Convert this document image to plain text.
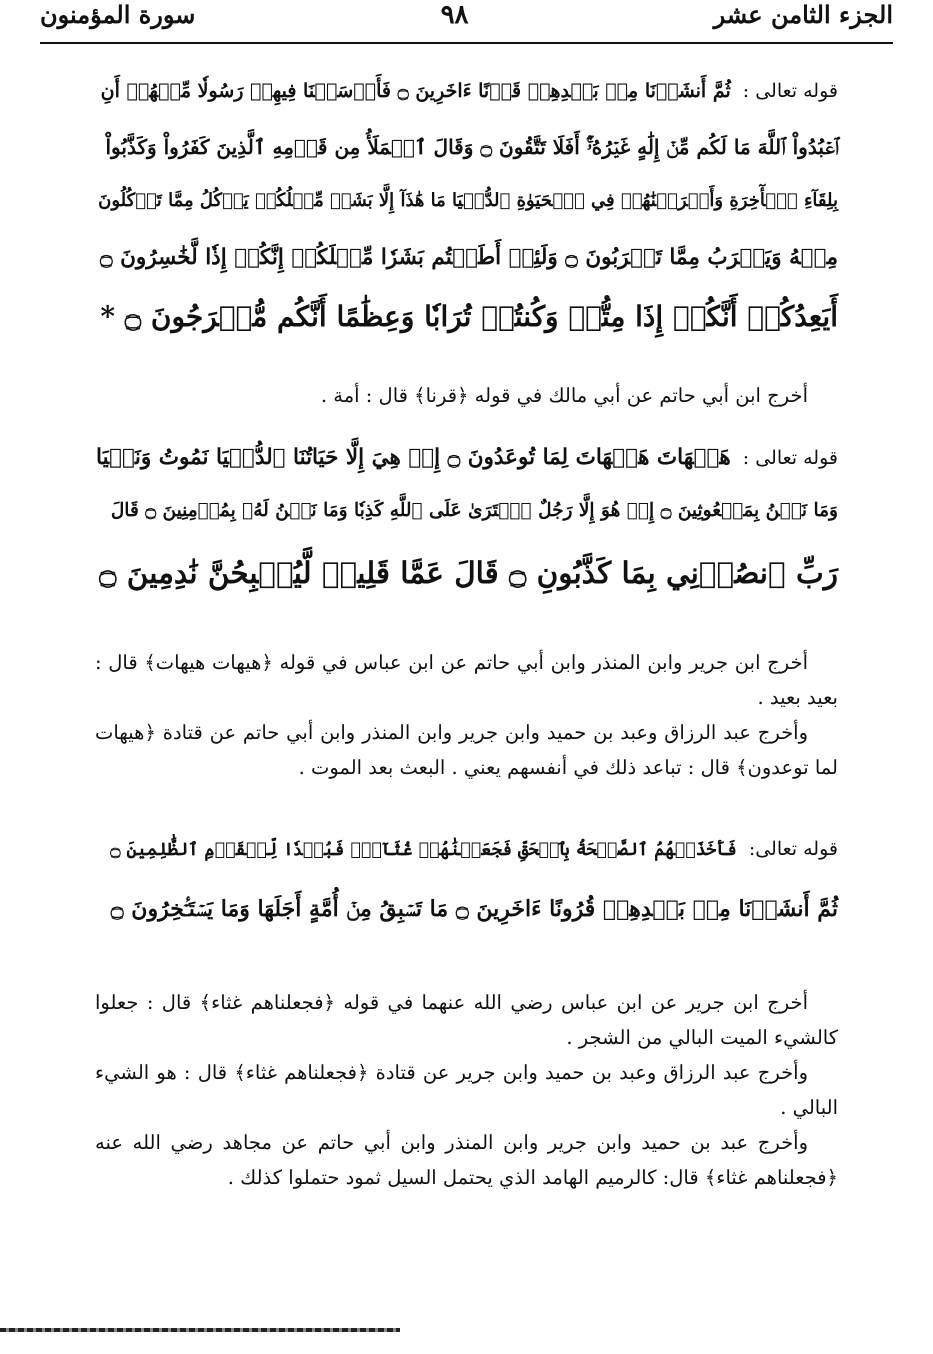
الجزء الثامن عشر
٩٨
سورة المؤمنون
قوله تعالى :
ثُمَّ أَنشَأۡنَا مِنۢ بَعۡدِهِمۡ قَرۡنًا ءَاخَرِينَ ۝ فَأَرۡسَلۡنَا فِيهِمۡ رَسُولٗا مِّنۡهُمۡ أَنِ
ٱعۡبُدُواْ ٱللَّهَ مَا لَكُم مِّنۡ إِلَٰهٍ غَيۡرُهُۥٓۚ أَفَلَا تَتَّقُونَ ۝ وَقَالَ ٱلۡمَلَأُ مِن قَوۡمِهِ ٱلَّذِينَ كَفَرُواْ وَكَذَّبُواْ
بِلِقَآءِ ٱلۡأٓخِرَةِ وَأَتۡرَفۡنَٰهُمۡ فِي ٱلۡحَيَوٰةِ ٱلدُّنۡيَا مَا هَٰذَآ إِلَّا بَشَرٞ مِّثۡلُكُمۡ يَأۡكُلُ مِمَّا تَأۡكُلُونَ
مِنۡهُ وَيَشۡرَبُ مِمَّا تَشۡرَبُونَ ۝ وَلَئِنۡ أَطَعۡتُم بَشَرٗا مِّثۡلَكُمۡ إِنَّكُمۡ إِذٗا لَّخَٰسِرُونَ ۝
أَيَعِدُكُمۡ أَنَّكُمۡ إِذَا مِتُّمۡ وَكُنتُمۡ تُرَابٗا وَعِظَٰمًا أَنَّكُم مُّخۡرَجُونَ ۝ *

أخرج ابن أبي حاتم عن أبي مالك في قوله ﴿قرنا﴾ قال : أمة .

قوله تعالى :
هَيۡهَاتَ هَيۡهَاتَ لِمَا تُوعَدُونَ ۝ إِنۡ هِيَ إِلَّا حَيَاتُنَا ٱلدُّنۡيَا نَمُوتُ وَنَحۡيَا
وَمَا نَحۡنُ بِمَبۡعُوثِينَ ۝ إِنۡ هُوَ إِلَّا رَجُلٌ ٱفۡتَرَىٰ عَلَى ٱللَّهِ كَذِبٗا وَمَا نَحۡنُ لَهُۥ بِمُؤۡمِنِينَ ۝ قَالَ
رَبِّ ٱنصُرۡنِي بِمَا كَذَّبُونِ ۝ قَالَ عَمَّا قَلِيلٖ لَّيُصۡبِحُنَّ نَٰدِمِينَ ۝

أخرج ابن جرير وابن المنذر وابن أبي حاتم عن ابن عباس في قوله ﴿هيهات هيهات﴾ قال : بعيد بعيد .

وأخرج عبد الرزاق وعبد بن حميد وابن جرير وابن المنذر وابن أبي حاتم عن قتادة ﴿هيهات لما توعدون﴾ قال : تباعد ذلك في أنفسهم يعني . البعث بعد الموت .

قوله تعالى:
فَأَخَذَتۡهُمُ ٱلصَّيۡحَةُ بِٱلۡحَقِّ فَجَعَلۡنَٰهُمۡ غُثَآءٗۚ فَبُعۡدٗا لِّلۡقَوۡمِ ٱلظَّٰلِمِينَ ۝
ثُمَّ أَنشَأۡنَا مِنۢ بَعۡدِهِمۡ قُرُونًا ءَاخَرِينَ ۝ مَا تَسۡبِقُ مِنۡ أُمَّةٍ أَجَلَهَا وَمَا يَسۡتَـٔۡخِرُونَ ۝

أخرج ابن جرير عن ابن عباس رضي الله عنهما في قوله ﴿فجعلناهم غثاء﴾ قال : جعلوا كالشيء الميت البالي من الشجر .

وأخرج عبد الرزاق وعبد بن حميد وابن جرير عن قتادة ﴿فجعلناهم غثاء﴾ قال : هو الشيء البالي .

وأخرج عبد بن حميد وابن جرير وابن المنذر وابن أبي حاتم عن مجاهد رضي الله عنه ﴿فجعلناهم غثاء﴾ قال: كالرميم الهامد الذي يحتمل السيل ثمود حتملوا كذلك .
